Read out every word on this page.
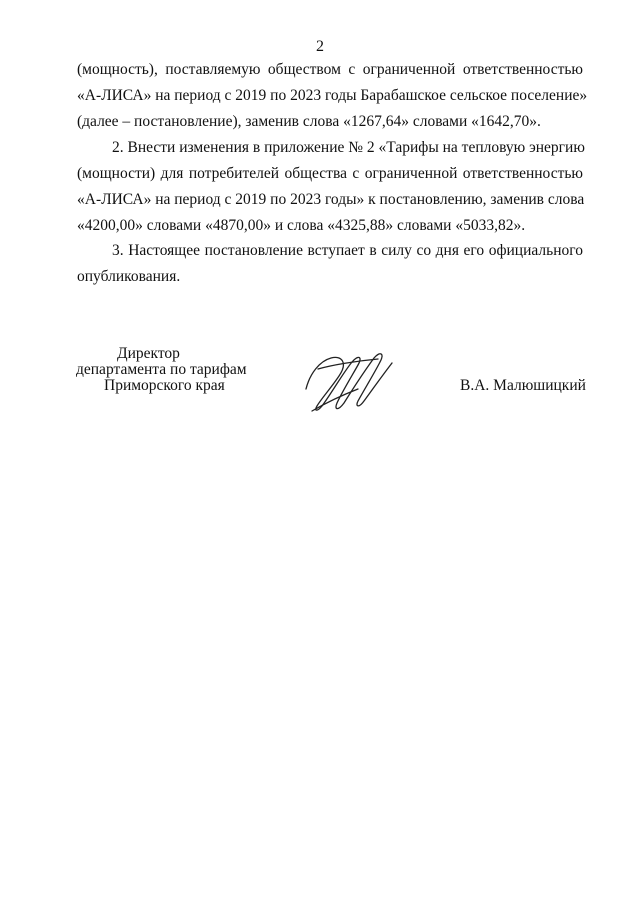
2
(мощность), поставляемую обществом с ограниченной ответственностью
«А-ЛИСА» на период с 2019 по 2023 годы Барабашское сельское поселение»
(далее – постановление), заменив слова «1267,64» словами «1642,70».
2. Внести изменения в приложение № 2 «Тарифы на тепловую энергию
(мощности) для потребителей общества с ограниченной ответственностью
«А-ЛИСА» на период с 2019 по 2023 годы» к постановлению, заменив слова
«4200,00» словами «4870,00» и слова «4325,88» словами «5033,82».
3. Настоящее постановление вступает в силу со дня его официального
опубликования.
Директор
департамента по тарифам
Приморского края	В.А. Малюшицкий
